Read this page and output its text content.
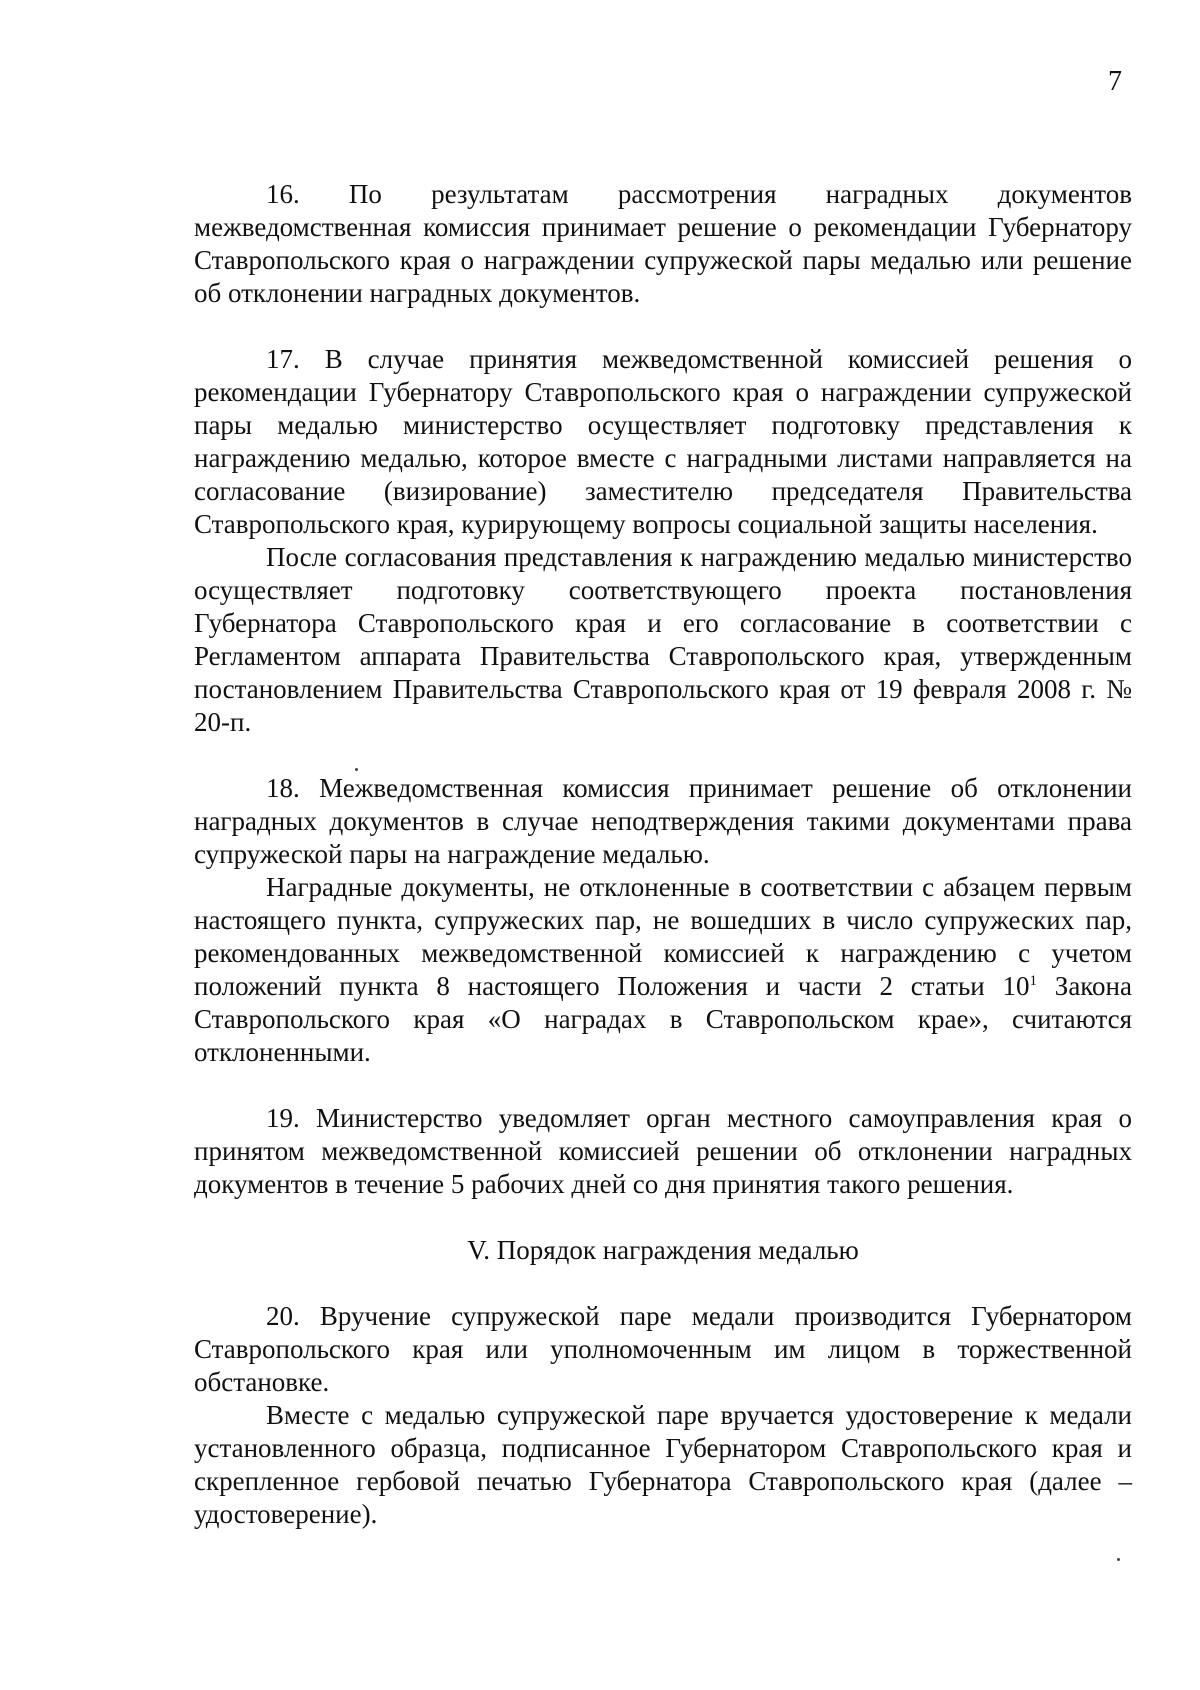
7

16. По результатам рассмотрения наградных документов межведомственная комиссия принимает решение о рекомендации Губернатору Ставропольского края о награждении супружеской пары медалью или решение об отклонении наградных документов.

17. В случае принятия межведомственной комиссией решения о рекомендации Губернатору Ставропольского края о награждении супружеской пары медалью министерство осуществляет подготовку представления к награждению медалью, которое вместе с наградными листами направляется на согласование (визирование) заместителю председателя Правительства Ставропольского края, курирующему вопросы социальной защиты населения.

После согласования представления к награждению медалью министерство осуществляет подготовку соответствующего проекта постановления Губернатора Ставропольского края и его согласование в соответствии с Регламентом аппарата Правительства Ставропольского края, утвержденным постановлением Правительства Ставропольского края от 19 февраля 2008 г. № 20-п.

18. Межведомственная комиссия принимает решение об отклонении наградных документов в случае неподтверждения такими документами права супружеской пары на награждение медалью.

Наградные документы, не отклоненные в соответствии с абзацем первым настоящего пункта, супружеских пар, не вошедших в число супружеских пар, рекомендованных межведомственной комиссией к награждению с учетом положений пункта 8 настоящего Положения и части 2 статьи $10^1$ Закона Ставропольского края «О наградах в Ставропольском крае», считаются отклоненными.

19. Министерство уведомляет орган местного самоуправления края о принятом межведомственной комиссией решении об отклонении наградных документов в течение 5 рабочих дней со дня принятия такого решения.

V. Порядок награждения медалью

20. Вручение супружеской паре медали производится Губернатором Ставропольского края или уполномоченным им лицом в торжественной обстановке.

Вместе с медалью супружеской паре вручается удостоверение к медали установленного образца, подписанное Губернатором Ставропольского края и скрепленное гербовой печатью Губернатора Ставропольского края (далее – удостоверение).
